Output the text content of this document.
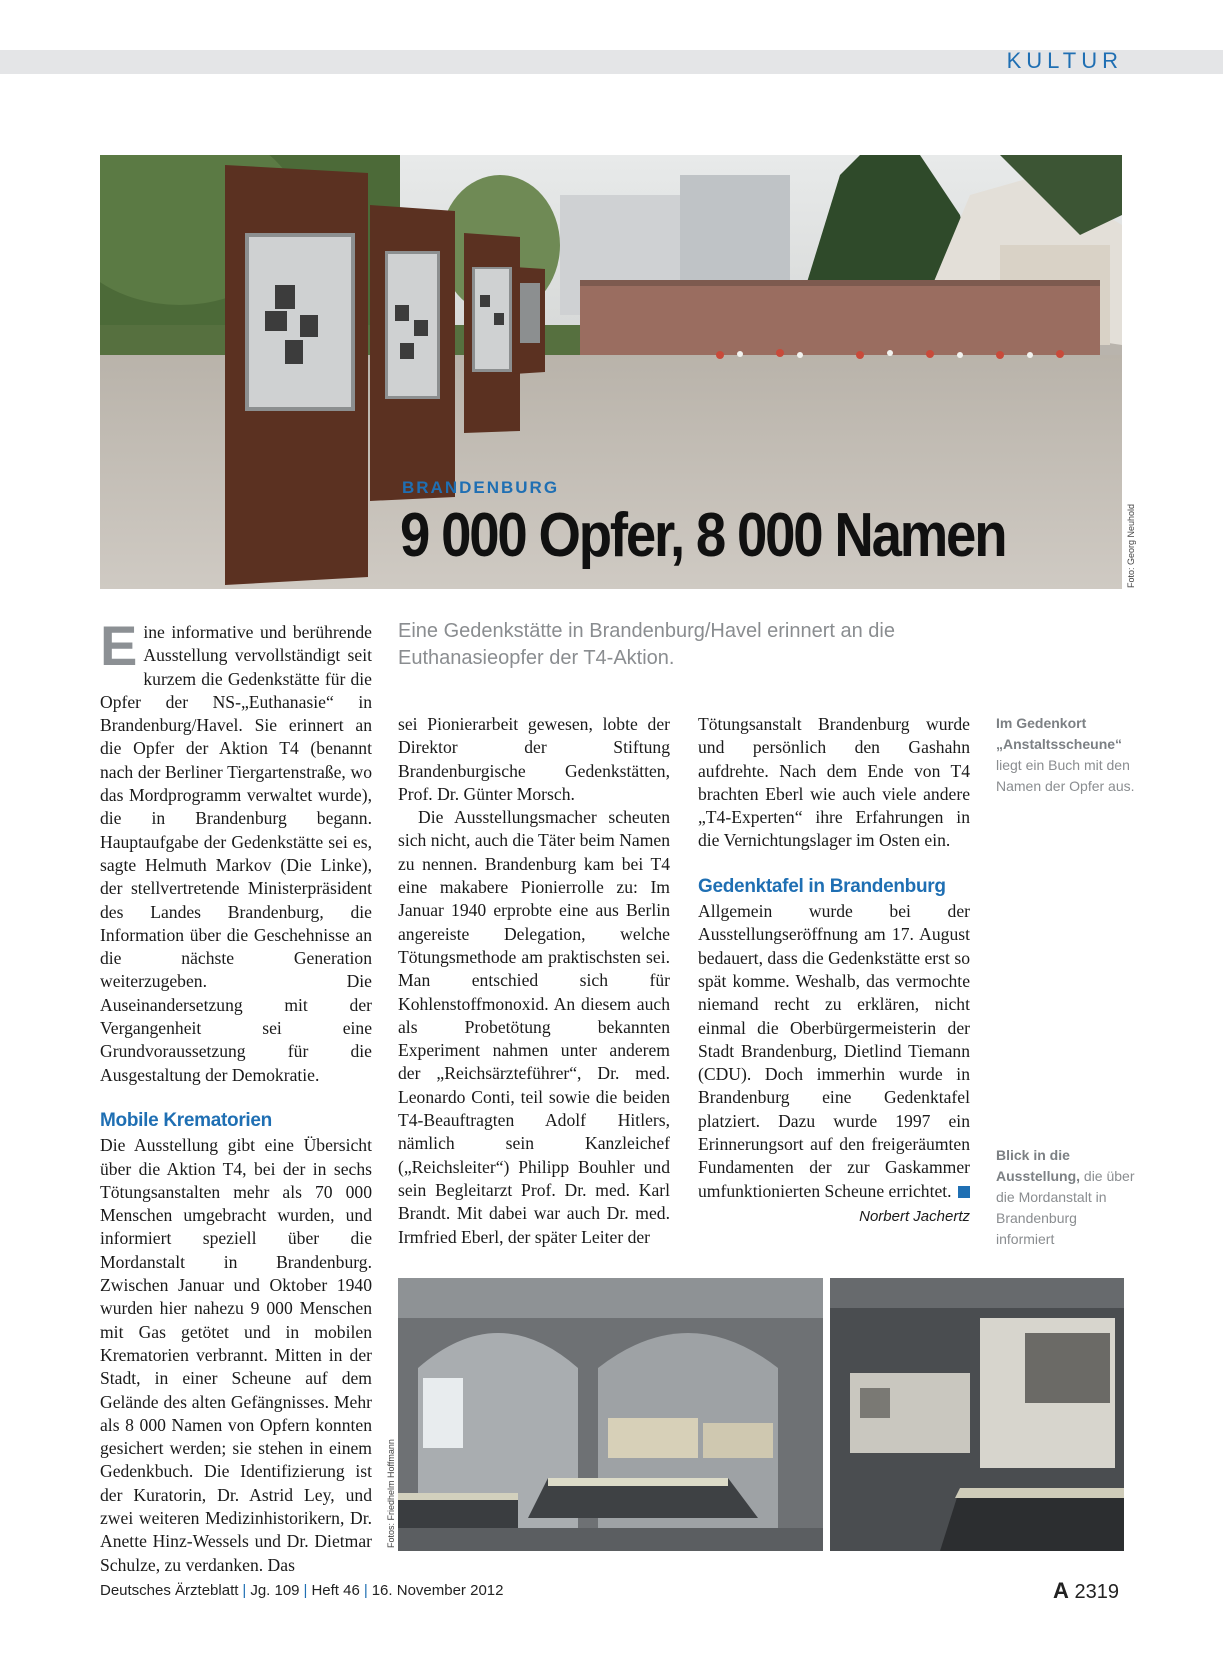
KULTUR
BRANDENBURG
9 000 Opfer, 8 000 Namen	Foto: Georg Neuhold
Eine Gedenkstätte in Brandenburg/Havel erinnert an die Euthanasieopfer der T4-Aktion.

Eine informative und berührende Ausstellung vervollständigt seit kurzem die Gedenkstätte für die Opfer der NS-„Euthanasie“ in Brandenburg/Havel. Sie erinnert an die Opfer der Aktion T4 (benannt nach der Berliner Tiergartenstraße, wo das Mordprogramm verwaltet wurde), die in Brandenburg begann. Hauptaufgabe der Gedenkstätte sei es, sagte Helmuth Markov (Die Linke), der stellvertretende Ministerpräsident des Landes Brandenburg, die Information über die Geschehnisse an die nächste Generation weiterzugeben. Die Auseinandersetzung mit der Vergangenheit sei eine Grundvoraussetzung für die Ausgestaltung der Demokratie.

Mobile Krematorien

Die Ausstellung gibt eine Übersicht über die Aktion T4, bei der in sechs Tötungsanstalten mehr als 70 000 Menschen umgebracht wurden, und informiert speziell über die Mordanstalt in Brandenburg. Zwischen Januar und Oktober 1940 wurden hier nahezu 9 000 Menschen mit Gas getötet und in mobilen Krematorien verbrannt. Mitten in der Stadt, in einer Scheune auf dem Gelände des alten Gefängnisses. Mehr als 8 000 Namen von Opfern konnten gesichert werden; sie stehen in einem Gedenkbuch. Die Identifizierung ist der Kuratorin, Dr. Astrid Ley, und zwei weiteren Medizinhistorikern, Dr. Anette Hinz-Wessels und Dr. Dietmar Schulze, zu verdanken. Das

sei Pionierarbeit gewesen, lobte der Direktor der Stiftung Brandenburgische Gedenkstätten, Prof. Dr. Günter Morsch.

Die Ausstellungsmacher scheuten sich nicht, auch die Täter beim Namen zu nennen. Brandenburg kam bei T4 eine makabere Pionierrolle zu: Im Januar 1940 erprobte eine aus Berlin angereiste Delegation, welche Tötungsmethode am praktischsten sei. Man entschied sich für Kohlenstoffmonoxid. An diesem auch als Probetötung bekannten Experiment nahmen unter anderem der „Reichsärzteführer“, Dr. med. Leonardo Conti, teil sowie die beiden T4-Beauftragten Adolf Hitlers, nämlich sein Kanzleichef („Reichsleiter“) Philipp Bouhler und sein Begleitarzt Prof. Dr. med. Karl Brandt. Mit dabei war auch Dr. med. Irmfried Eberl, der später Leiter der

Tötungsanstalt Brandenburg wurde und persönlich den Gashahn aufdrehte. Nach dem Ende von T4 brachten Eberl wie auch viele andere „T4-Experten“ ihre Erfahrungen in die Vernichtungslager im Osten ein.

Gedenktafel in Brandenburg

Allgemein wurde bei der Ausstellungseröffnung am 17. August bedauert, dass die Gedenkstätte erst so spät komme. Weshalb, das vermochte niemand recht zu erklären, nicht einmal die Oberbürgermeisterin der Stadt Brandenburg, Dietlind Tiemann (CDU). Doch immerhin wurde in Brandenburg eine Gedenktafel platziert. Dazu wurde 1997 ein Erinnerungsort auf den freigeräumten Fundamenten der zur Gaskammer umfunktionierten Scheune errichtet.

Norbert Jachertz
Im Gedenkort „Anstaltsscheune“ liegt ein Buch mit den Namen der Opfer aus.
Blick in die Ausstellung, die über die Mordanstalt in Brandenburg informiert
Fotos: Friedhelm Hoffmann
Deutsches Ärzteblatt | Jg. 109 | Heft 46 | 16. November 2012	A 2319
